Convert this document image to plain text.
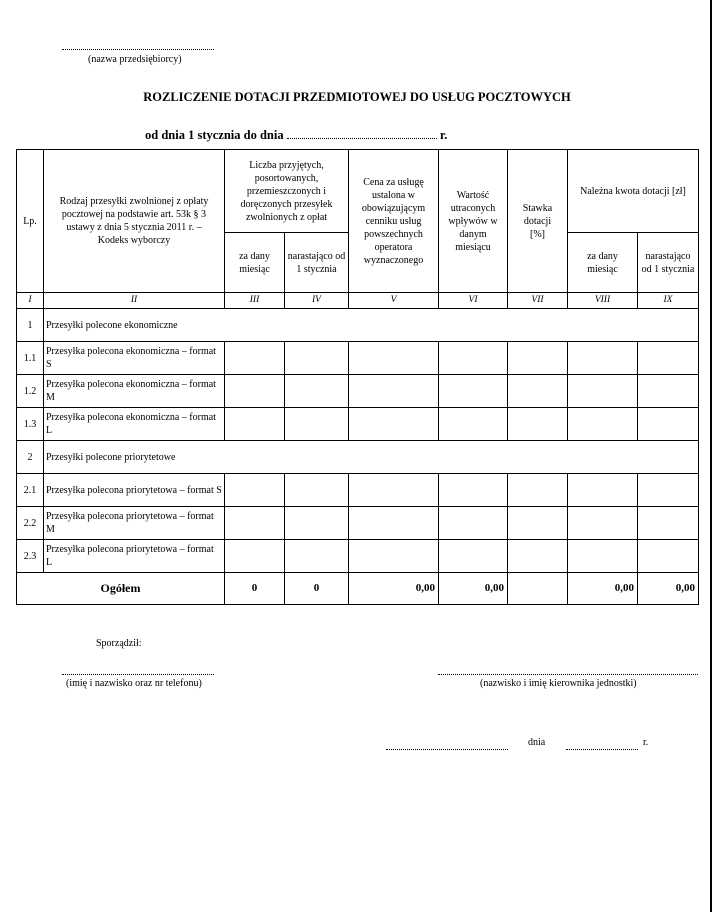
(nazwa przedsiębiorcy)
ROZLICZENIE DOTACJI PRZEDMIOTOWEJ DO USŁUG POCZTOWYCH
od dnia 1 stycznia do dnia	r.
Lp.	Rodzaj przesyłki zwolnionej z opłaty pocztowej na podstawie art. 53k § 3 ustawy z dnia 5 stycznia 2011 r. – Kodeks wyborczy	Liczba przyjętych, posortowanych, przemieszczonych i doręczonych przesyłek zwolnionych z opłat		Cena za usługę ustalona w obowiązującym cenniku usług powszechnych operatora wyznaczonego	Wartość utraconych wpływów w danym miesiącu	Stawka dotacji [%]	Należna kwota dotacji [zł]	
		za dany miesiąc	narastająco od 1 stycznia				za dany miesiąc	narastająco od 1 stycznia
I	II	III	IV	V	VI	VII	VIII	IX
1	Przesyłki polecone ekonomiczne							
1.1	Przesyłka polecona ekonomiczna – format S							
1.2	Przesyłka polecona ekonomiczna – format M							
1.3	Przesyłka polecona ekonomiczna – format L							
2	Przesyłki polecone priorytetowe							
2.1	Przesyłka polecona priorytetowa – format S							
2.2	Przesyłka polecona priorytetowa – format M							
2.3	Przesyłka polecona priorytetowa – format L							
Ogółem		0	0	0,00	0,00		0,00	0,00
Sporządził:
(imię i nazwisko oraz nr telefonu)	(nazwisko i imię kierownika jednostki)
dnia	r.
